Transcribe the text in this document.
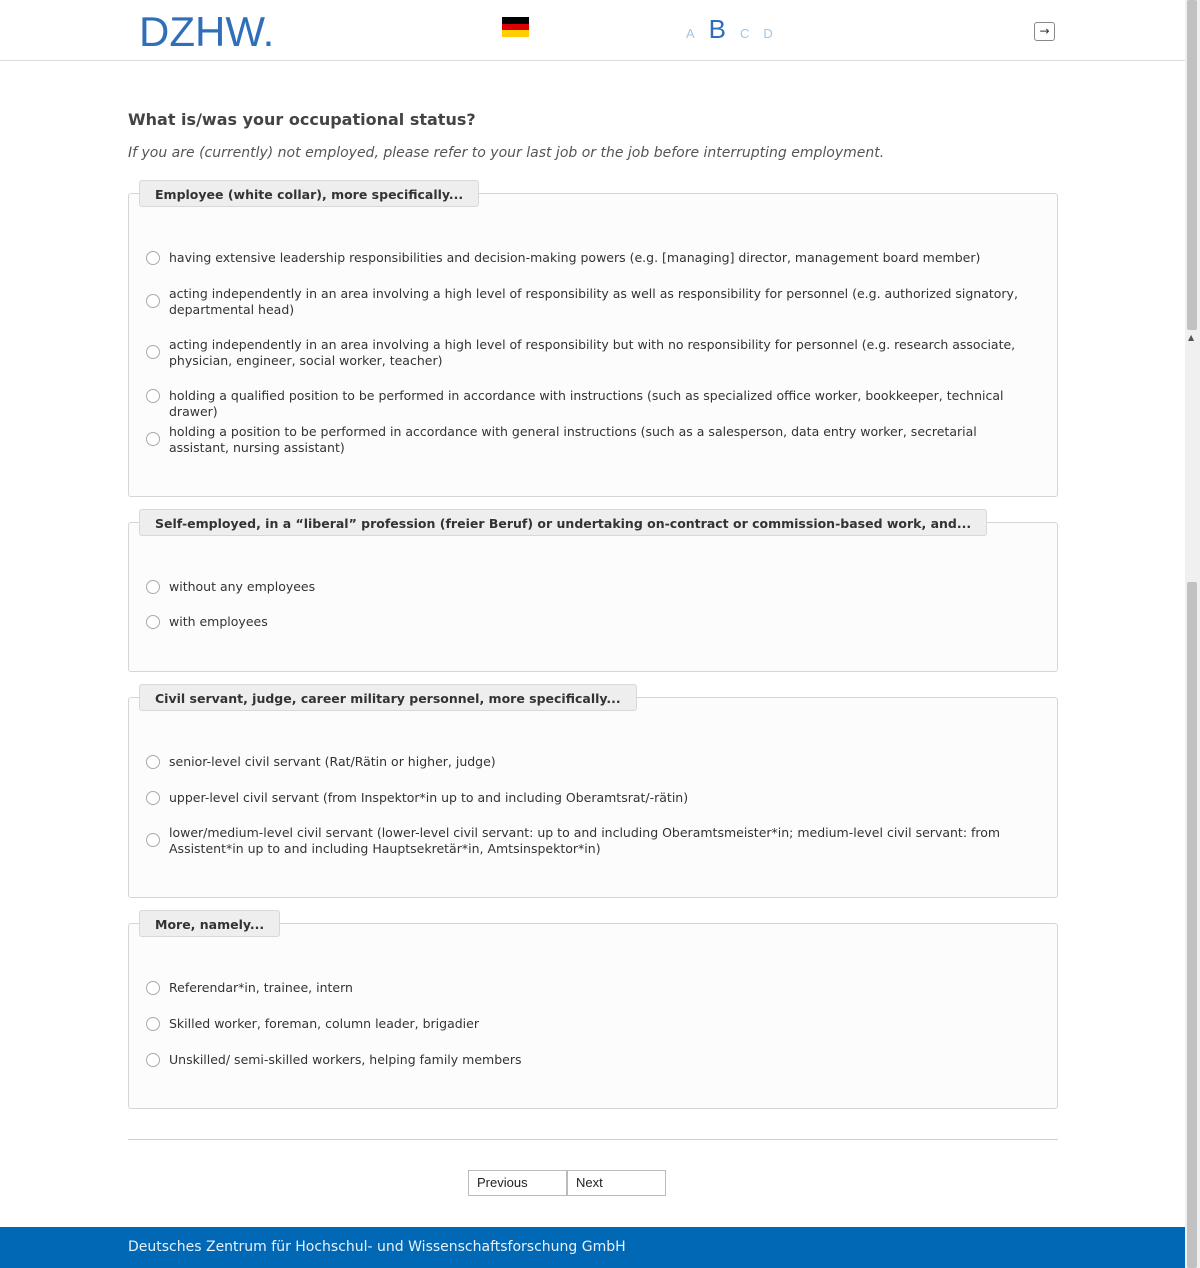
DZHW.	A B C D	→
▲
What is/was your occupational status?
If you are (currently) not employed, please refer to your last job or the job before interrupting employment.
Employee (white collar), more specifically...
having extensive leadership responsibilities and decision-making powers (e.g. [managing] director, management board member)
acting independently in an area involving a high level of responsibility as well as responsibility for personnel (e.g. authorized signatory, departmental head)
acting independently in an area involving a high level of responsibility but with no responsibility for personnel (e.g. research associate, physician, engineer, social worker, teacher)
holding a qualified position to be performed in accordance with instructions (such as specialized office worker, bookkeeper, technical drawer)
holding a position to be performed in accordance with general instructions (such as a salesperson, data entry worker, secretarial assistant, nursing assistant)
Self-employed, in a “liberal” profession (freier Beruf) or undertaking on-contract or commission-based work, and...
without any employees
with employees
Civil servant, judge, career military personnel, more specifically...
senior-level civil servant (Rat/Rätin or higher, judge)
upper-level civil servant (from Inspektor*in up to and including Oberamtsrat/-rätin)
lower/medium-level civil servant (lower-level civil servant: up to and including Oberamtsmeister*in; medium-level civil servant: from Assistent*in up to and including Hauptsekretär*in, Amtsinspektor*in)
More, namely...
Referendar*in, trainee, intern
Skilled worker, foreman, column leader, brigadier
Unskilled/ semi-skilled workers, helping family members
Previous	Next
Deutsches Zentrum für Hochschul- und Wissenschaftsforschung GmbH
